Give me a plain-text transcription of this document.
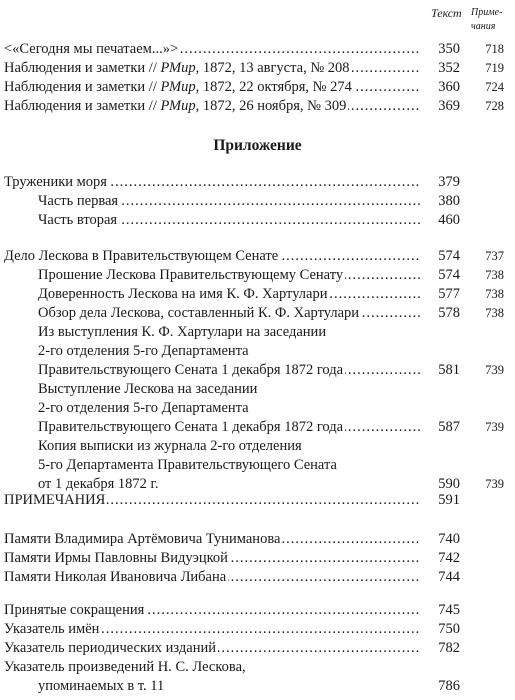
Текст Приме-
чания
.....
<«Сегодня мы печатаем...»>	350	718
.....
Наблюдения и заметки // РМир, 1872, 13 августа, № 208	352	719
.....
Наблюдения и заметки // РМир, 1872, 22 октября, № 274	360	724
.....
Наблюдения и заметки // РМир, 1872, 26 ноября, № 309	369	728
Приложение
.....
Труженики моря	379
.....
Часть первая	380
.....
Часть вторая	460
.....
Дело Лескова в Правительствующем Сенате	574	737
.....
Прошение Лескова Правительствующему Сенату	574	738
.....
Доверенность Лескова на имя К. Ф. Хартулари	577	738
.....
Обзор дела Лескова, составленный К. Ф. Хартулари	578	738
Из выступления К. Ф. Хартулари на заседании
2-го отделения 5-го Департамента
.....
Правительствующего Сената 1 декабря 1872 года	581	739
Выступление Лескова на заседании
2-го отделения 5-го Департамента
.....
Правительствующего Сената 1 декабря 1872 года	587	739
Копия выписки из журнала 2-го отделения
5-го Департамента Правительствующего Сената
от 1 декабря 1872 г.	590	739
.....
ПРИМЕЧАНИЯ	591
.....
Памяти Владимира Артёмовича Туниманова	740
.....
Памяти Ирмы Павловны Видуэцкой	742
.....
Памяти Николая Ивановича Либана	744
.....
Принятые сокращения	745
.....
Указатель имён	750
.....
Указатель периодических изданий	782
Указатель произведений Н. С. Лескова,
упоминаемых в т. 11	786
